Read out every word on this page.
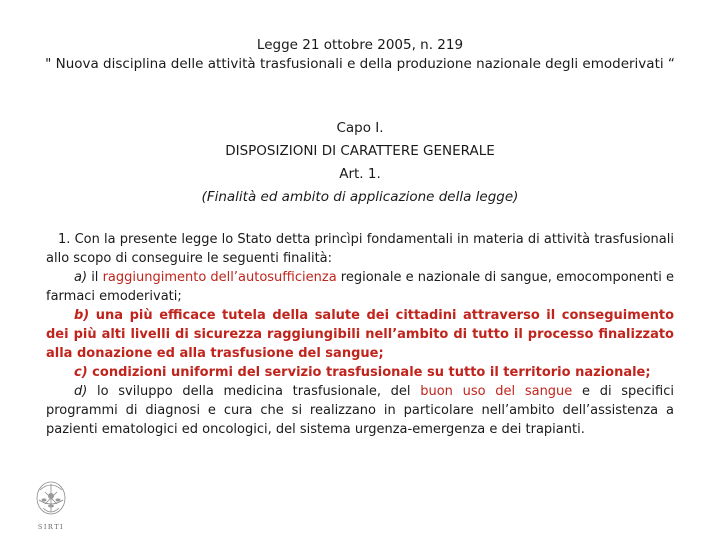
Legge 21 ottobre 2005, n. 219
" Nuova disciplina delle attività trasfusionali e della produzione nazionale degli emoderivati “
Capo I.
DISPOSIZIONI DI CARATTERE GENERALE
Art. 1.
(Finalità ed ambito di applicazione della legge)

1. Con la presente legge lo Stato detta princìpi fondamentali in materia di attività trasfusionali allo scopo di conseguire le seguenti finalità:

a) il raggiungimento dell’autosufficienza regionale e nazionale di sangue, emocomponenti e farmaci emoderivati;

b) una più efficace tutela della salute dei cittadini attraverso il conseguimento dei più alti livelli di sicurezza raggiungibili nell’ambito di tutto il processo finalizzato alla donazione ed alla trasfusione del sangue;

c) condizioni uniformi del servizio trasfusionale su tutto il territorio nazionale;

d) lo sviluppo della medicina trasfusionale, del buon uso del sangue e di specifici programmi di diagnosi e cura che si realizzano in particolare nell’ambito dell’assistenza a pazienti ematologici ed oncologici, del sistema urgenza-emergenza e dei trapianti.

SIRTI
